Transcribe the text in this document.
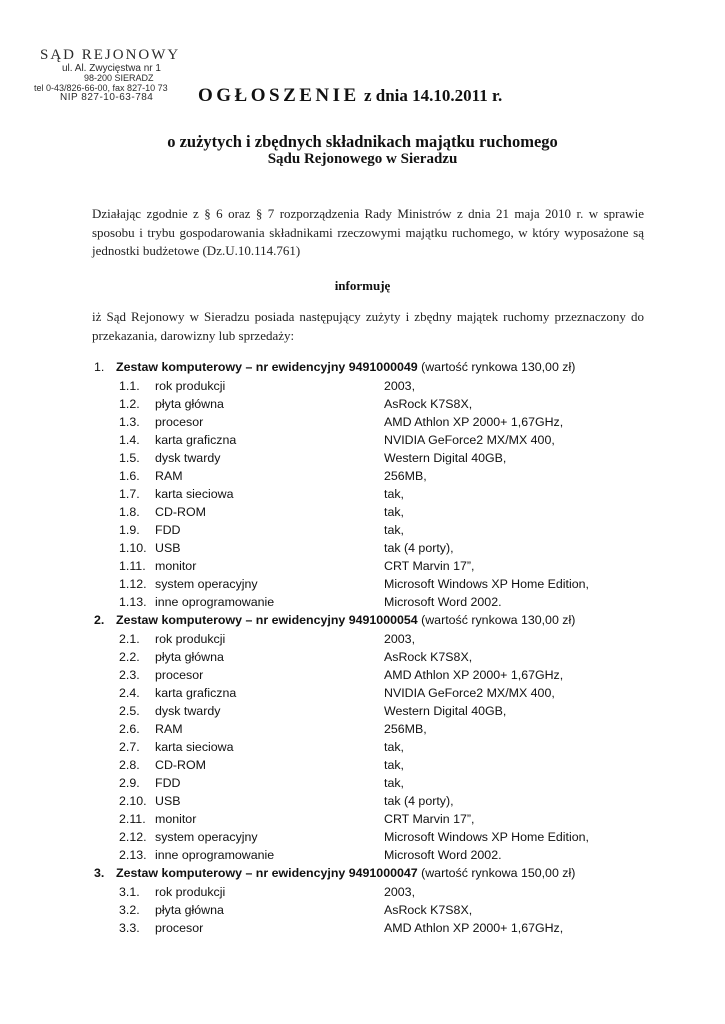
SĄD REJONOWY
ul. Al. Zwycięstwa nr 1
98-200 SIERADZ
tel 0-43/826-66-00, fax 827-10 73
NIP 827-10-63-784	OGŁOSZENIE z dnia 14.10.2011 r.
o zużytych i zbędnych składnikach majątku ruchomego
Sądu Rejonowego w Sieradzu
Działając zgodnie z § 6 oraz § 7 rozporządzenia Rady Ministrów z dnia 21 maja 2010 r. w sprawie sposobu i trybu gospodarowania składnikami rzeczowymi majątku ruchomego, w który wyposażone są jednostki budżetowe (Dz.U.10.114.761)
informuję
iż Sąd Rejonowy w Sieradzu posiada następujący zużyty i zbędny majątek ruchomy przeznaczony do przekazania, darowizny lub sprzedaży:
1. Zestaw komputerowy – nr ewidencyjny 9491000049 (wartość rynkowa 130,00 zł)
1.1. rok produkcji	2003,
1.2. płyta główna	AsRock K7S8X,
1.3. procesor	AMD Athlon XP 2000+ 1,67GHz,
1.4. karta graficzna	NVIDIA GeForce2 MX/MX 400,
1.5. dysk twardy	Western Digital 40GB,
1.6. RAM	256MB,
1.7. karta sieciowa	tak,
1.8. CD-ROM	tak,
1.9. FDD	tak,
1.10. USB	tak (4 porty),
1.11. monitor	CRT Marvin 17”,
1.12. system operacyjny	Microsoft Windows XP Home Edition,
1.13. inne oprogramowanie	Microsoft Word 2002.
2. Zestaw komputerowy – nr ewidencyjny 9491000054 (wartość rynkowa 130,00 zł)
2.1. rok produkcji	2003,
2.2. płyta główna	AsRock K7S8X,
2.3. procesor	AMD Athlon XP 2000+ 1,67GHz,
2.4. karta graficzna	NVIDIA GeForce2 MX/MX 400,
2.5. dysk twardy	Western Digital 40GB,
2.6. RAM	256MB,
2.7. karta sieciowa	tak,
2.8. CD-ROM	tak,
2.9. FDD	tak,
2.10. USB	tak (4 porty),
2.11. monitor	CRT Marvin 17”,
2.12. system operacyjny	Microsoft Windows XP Home Edition,
2.13. inne oprogramowanie	Microsoft Word 2002.
3. Zestaw komputerowy – nr ewidencyjny 9491000047 (wartość rynkowa 150,00 zł)
3.1. rok produkcji	2003,
3.2. płyta główna	AsRock K7S8X,
3.3. procesor	AMD Athlon XP 2000+ 1,67GHz,
